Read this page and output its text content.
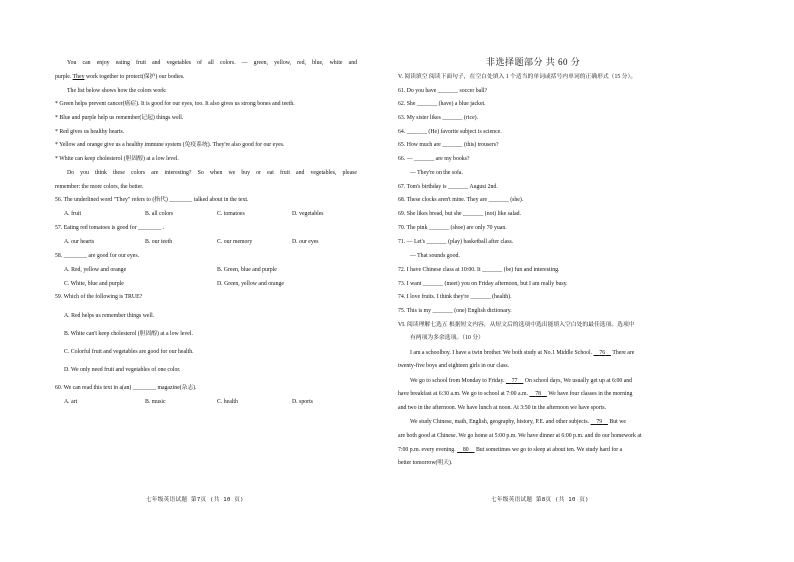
You can enjoy eating fruit and vegetables of all colors. — green, yellow, red, blue, white and
purple. They work together to protect(保护) our bodies.
The list below shows how the colors work:
* Green helps prevent cancer(癌症). It is good for our eyes, too. It also gives us strong bones and teeth.
* Blue and purple help us remember(记起) things well.
* Red gives us healthy hearts.
* Yellow and orange give us a healthy immune system (免疫系统). They're also good for our eyes.
* White can keep cholesterol (胆固醇) at a low level.
Do you think these colors are interesting? So when we buy or eat fruit and vegetables, please
remember: the more colors, the better.
56. The underlined word "They" refers to (指代) ________ talked about in the text.
A. fruit	B. all colors	C. tomatoes	D. vegetables
57. Eating red tomatoes is good for ________ .
A. our hearts	B. our teeth	C. our memory	D. our eyes
58. ________ are good for our eyes.
A. Red, yellow and orange	B. Green, blue and purple
C. White, blue and purple	D. Green, yellow and orange
59. Which of the following is TRUE?
A. Red helps us remember things well.
B. White can't keep cholesterol (胆固醇) at a low level.
C. Colorful fruit and vegetables are good for our health.
D. We only need fruit and vegetables of one color.
60. We can read this text in a(an) ________ magazine(杂志).
A. art	B. music	C. health	D. sports
七年级英语试题 第7页 (共 10 页)
非选择题部分 共 60 分
V. 阅读填空 阅读下面句子，在空白处填入 1 个适当的单词或括号内单词的正确形式（15 分）。
61. Do you have _______ soccer ball?
62. She _______ (have) a blue jacket.
63. My sister likes _______ (rice).
64. _______ (He) favorite subject is science.
65. How much are _______ (this) trousers?
66. — _______ are my books?
— They're on the sofa.
67. Tom's birthday is _______ August 2nd.
68. These clocks aren't mine. They are _______ (she).
69. She likes bread, but she _______ (not) like salad.
70. The pink _______ (shoe) are only 70 yuan.
71. — Let's _______ (play) basketball after class.
— That sounds good.
72. I have Chinese class at 10:00. It _______ (be) fun and interesting.
73. I want _______ (meet) you on Friday afternoon, but I am really busy.
74. I love fruits. I think they're _______ (health).
75. This is my _______ (one) English dictionary.
VI. 阅读理解七选五 根据短文内容，从短文后的选项中选出能填入空白处的最佳选项。选项中
有两项为多余选项。（10 分）
I am a schoolboy. I have a twin brother. We both study at No.1 Middle School. 76 There are
twenty-five boys and eighteen girls in our class.
We go to school from Monday to Friday. 77 On school days, We usually get up at 6:00 and
have breakfast at 6:30 a.m. We go to school at 7:00 a.m. 78 We have four classes in the morning
and two in the afternoon. We have lunch at noon. At 3:50 in the afternoon we have sports.
We study Chinese, math, English, geography, history, P.E. and other subjects. 79 But we
are both good at Chinese. We go home at 5:00 p.m. We have dinner at 6:00 p.m. and do our homework at
7:00 p.m. every evening. 80 But sometimes we go to sleep at about ten. We study hard for a
better tomorrow(明天).
七年级英语试题 第8页 (共 10 页)
